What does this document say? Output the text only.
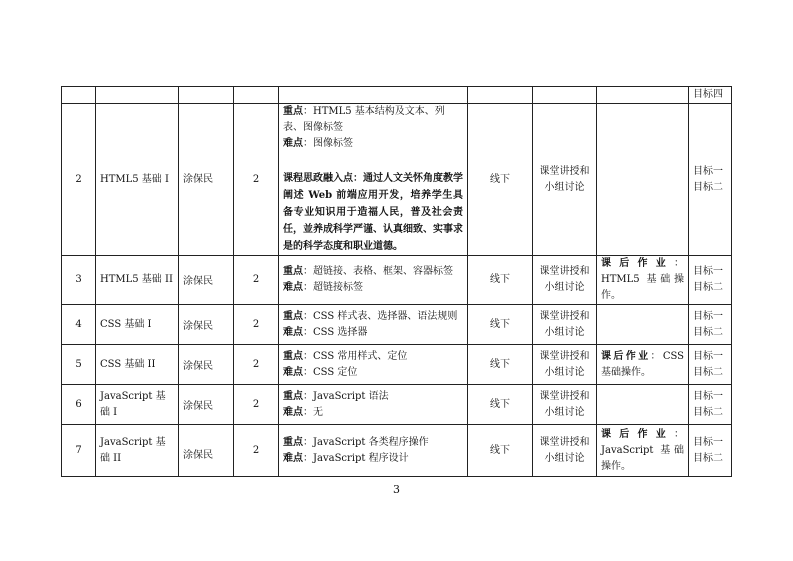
								目标四

2	HTML5 基础 I	涂保民	2	重点：HTML5 基本结构及文本、列表、图像标签
难点：图像标签
课程思政融入点：通过人文关怀角度教学阐述 Web 前端应用开发，培养学生具备专业知识用于造福人民，普及社会责任，並养成科学严谨、认真细致、实事求是的科学态度和职业道德。	线下	课堂讲授和
小组讨论		目标一
目标二

3	HTML5 基础 II	涂保民	2	重点：超链接、表格、框架、容器标签
难点：超链接标签	线下	课堂讲授和
小组讨论	课后作业：HTML5 基础操作。	目标一
目标二

4	CSS 基础 I	涂保民	2	重点：CSS 样式表、选择器、语法规则
难点：CSS 选择器	线下	课堂讲授和
小组讨论		目标一
目标二

5	CSS 基础 II	涂保民	2	重点：CSS 常用样式、定位
难点：CSS 定位	线下	课堂讲授和
小组讨论	课后作业：CSS 基础操作。	目标一
目标二

6	JavaScript 基础 I	涂保民	2	重点：JavaScript 语法
难点：无	线下	课堂讲授和
小组讨论		目标一
目标二

7	JavaScript 基础 II	涂保民	2	重点：JavaScript 各类程序操作
难点：JavaScript 程序设计	线下	课堂讲授和
小组讨论	课后作业：JavaScript 基础操作。	目标一
目标二
3
